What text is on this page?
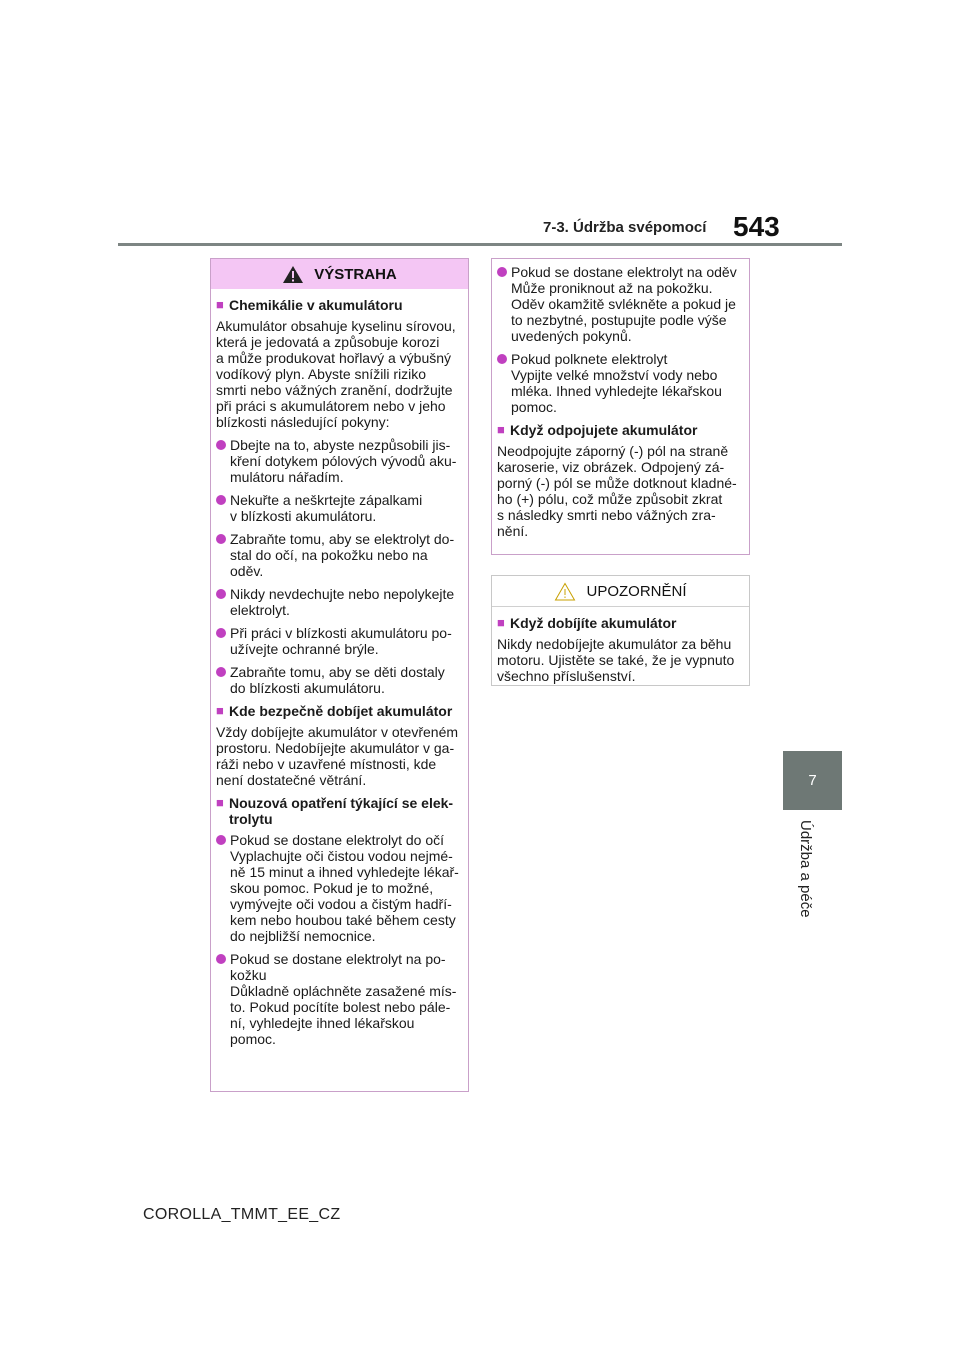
7-3. Údržba svépomocí 543
7
Údržba a péče
VÝSTRAHA
■ Chemikálie v akumulátoru

Akumulátor obsahuje kyselinu sírovou,
která je jedovatá a způsobuje korozi
a může produkovat hořlavý a výbušný
vodíkový plyn. Abyste snížili riziko
smrti nebo vážných zranění, dodržujte
při práci s akumulátorem nebo v jeho
blízkosti následující pokyny:

Dbejte na to, abyste nezpůsobili jis-
kření dotykem pólových vývodů aku-
mulátoru nářadím.
Nekuřte a neškrtejte zápalkami
v blízkosti akumulátoru.
Zabraňte tomu, aby se elektrolyt do-
stal do očí, na pokožku nebo na
oděv.
Nikdy nevdechujte nebo nepolykejte
elektrolyt.
Při práci v blízkosti akumulátoru po-
užívejte ochranné brýle.
Zabraňte tomu, aby se děti dostaly
do blízkosti akumulátoru.
■ Kde bezpečně dobíjet akumulátor

Vždy dobíjejte akumulátor v otevřeném
prostoru. Nedobíjejte akumulátor v ga-
ráži nebo v uzavřené místnosti, kde
není dostatečné větrání.

■ Nouzová opatření týkající se elek-
trolytu
Pokud se dostane elektrolyt do očí
Vyplachujte oči čistou vodou nejmé-
ně 15 minut a ihned vyhledejte lékař-
skou pomoc. Pokud je to možné,
vymývejte oči vodou a čistým hadří-
kem nebo houbou také během cesty
do nejbližší nemocnice.
Pokud se dostane elektrolyt na po-
kožku
Důkladně opláchněte zasažené mís-
to. Pokud pocítíte bolest nebo pále-
ní, vyhledejte ihned lékařskou
pomoc.
Pokud se dostane elektrolyt na oděv
Může proniknout až na pokožku.
Oděv okamžitě svlékněte a pokud je
to nezbytné, postupujte podle výše
uvedených pokynů.
Pokud polknete elektrolyt
Vypijte velké množství vody nebo
mléka. Ihned vyhledejte lékařskou
pomoc.
■ Když odpojujete akumulátor

Neodpojujte záporný (-) pól na straně
karoserie, viz obrázek. Odpojený zá-
porný (-) pól se může dotknout kladné-
ho (+) pólu, což může způsobit zkrat
s následky smrti nebo vážných zra-
nění.

UPOZORNĚNÍ
■ Když dobíjíte akumulátor

Nikdy nedobíjejte akumulátor za běhu
motoru. Ujistěte se také, že je vypnuto
všechno příslušenství.

COROLLA_TMMT_EE_CZ
